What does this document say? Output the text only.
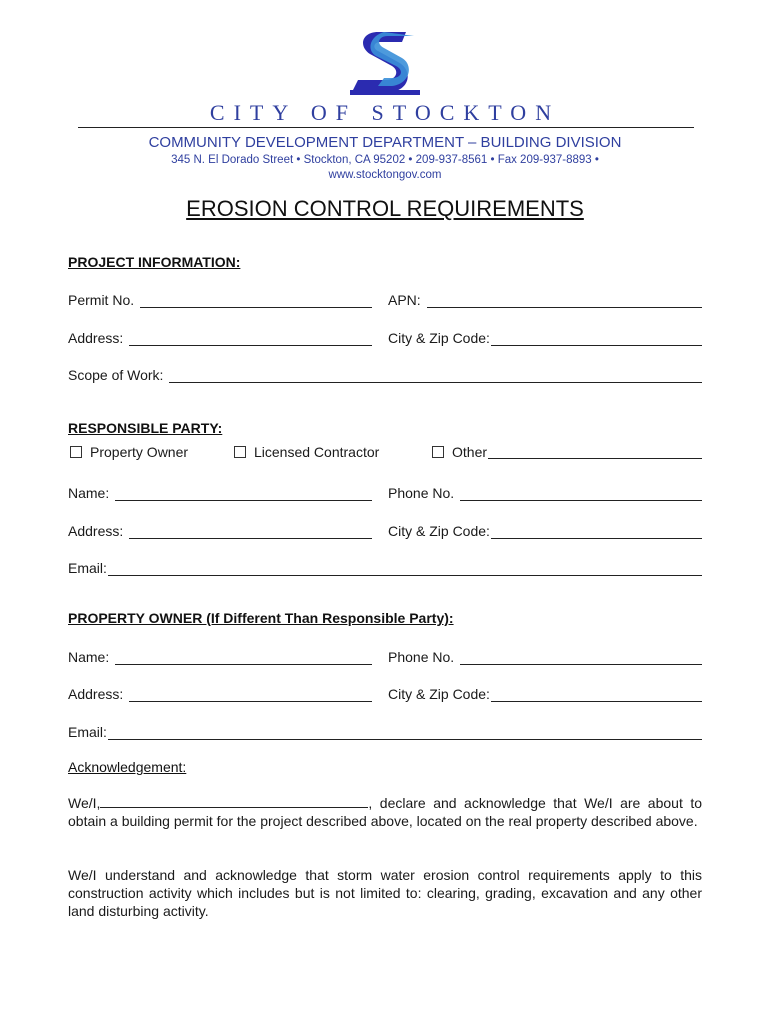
CITY OF STOCKTON
COMMUNITY DEVELOPMENT DEPARTMENT – BUILDING DIVISION
345 N. El Dorado Street • Stockton, CA 95202 • 209-937-8561 • Fax 209-937-8893 •
www.stocktongov.com
EROSION CONTROL REQUIREMENTS
PROJECT INFORMATION:
Permit No.	APN:
Address:	City & Zip Code:
Scope of Work:
RESPONSIBLE PARTY:
Property Owner	Licensed Contractor	Other
Name:	Phone No.
Address:	City & Zip Code:
Email:
PROPERTY OWNER (If Different Than Responsible Party):
Name:	Phone No.
Address:	City & Zip Code:
Email:
Acknowledgement:
We/I,	, declare and acknowledge that We/I are about to obtain a building permit for the project described above, located on the real property described above.
We/I understand and acknowledge that storm water erosion control requirements apply to this construction activity which includes but is not limited to: clearing, grading, excavation and any other land disturbing activity.
